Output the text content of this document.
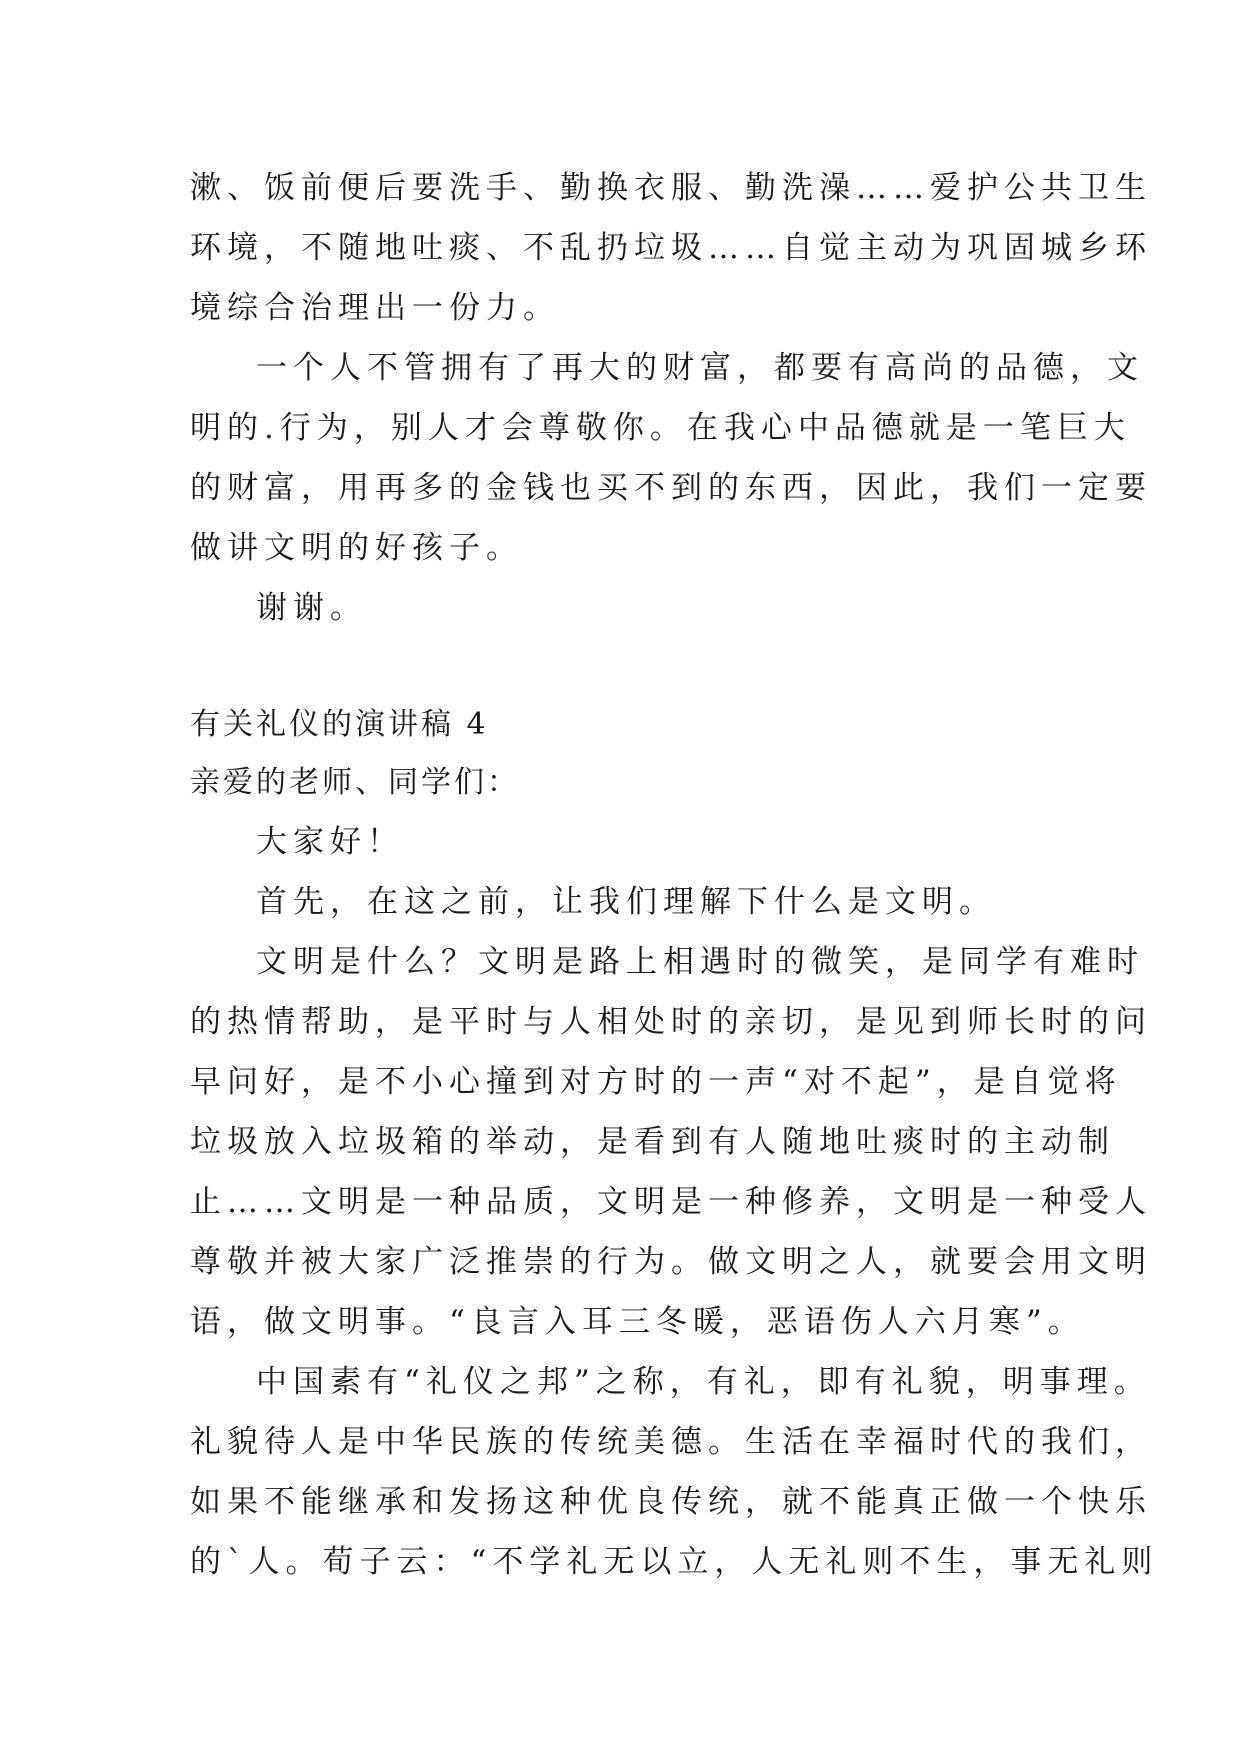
漱、饭前便后要洗手、勤换衣服、勤洗澡……爱护公共卫生
环境，不随地吐痰、不乱扔垃圾……自觉主动为巩固城乡环
境综合治理出一份力。
一个人不管拥有了再大的财富，都要有高尚的品德，文
明的.行为，别人才会尊敬你。在我心中品德就是一笔巨大
的财富，用再多的金钱也买不到的东西，因此，我们一定要
做讲文明的好孩子。
谢谢。
有关礼仪的演讲稿 4
亲爱的老师、同学们：
大家好！
首先，在这之前，让我们理解下什么是文明。
文明是什么？文明是路上相遇时的微笑，是同学有难时
的热情帮助，是平时与人相处时的亲切，是见到师长时的问
早问好，是不小心撞到对方时的一声“对不起”，是自觉将
垃圾放入垃圾箱的举动，是看到有人随地吐痰时的主动制
止……文明是一种品质，文明是一种修养，文明是一种受人
尊敬并被大家广泛推崇的行为。做文明之人，就要会用文明
语，做文明事。“良言入耳三冬暖，恶语伤人六月寒”。
中国素有“礼仪之邦”之称，有礼，即有礼貌，明事理。
礼貌待人是中华民族的传统美德。生活在幸福时代的我们，
如果不能继承和发扬这种优良传统，就不能真正做一个快乐
的`人。荀子云：“不学礼无以立，人无礼则不生，事无礼则
